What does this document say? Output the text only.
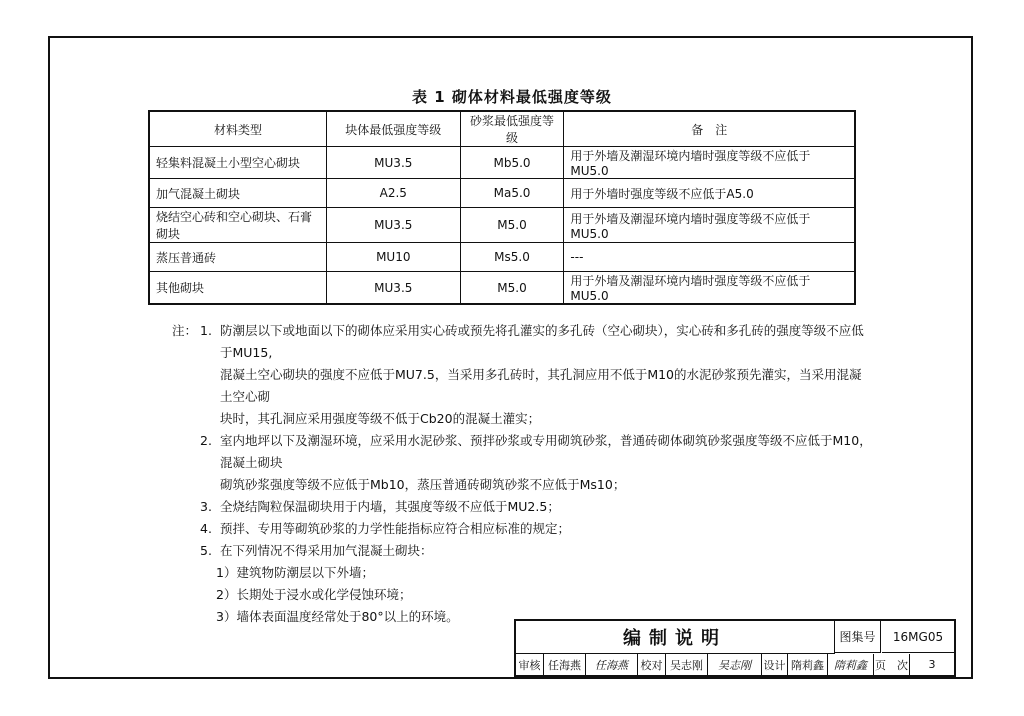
表 1 砌体材料最低强度等级
材料类型	块体最低强度等级	砂浆最低强度等级	备　注
轻集料混凝土小型空心砌块	MU3.5	Mb5.0	用于外墙及潮湿环境内墙时强度等级不应低于MU5.0
加气混凝土砌块	A2.5	Ma5.0	用于外墙时强度等级不应低于A5.0
烧结空心砖和空心砌块、石膏砌块	MU3.5	M5.0	用于外墙及潮湿环境内墙时强度等级不应低于MU5.0
蒸压普通砖	MU10	Ms5.0	---
其他砌块	MU3.5	M5.0	用于外墙及潮湿环境内墙时强度等级不应低于MU5.0
注： 1. 防潮层以下或地面以下的砌体应采用实心砖或预先将孔灌实的多孔砖（空心砌块），实心砖和多孔砖的强度等级不应低于MU15,
混凝土空心砌块的强度不应低于MU7.5，当采用多孔砖时，其孔洞应用不低于M10的水泥砂浆预先灌实，当采用混凝土空心砌
块时，其孔洞应采用强度等级不低于Cb20的混凝土灌实；
2. 室内地坪以下及潮湿环境，应采用水泥砂浆、预拌砂浆或专用砌筑砂浆，普通砖砌体砌筑砂浆强度等级不应低于M10，混凝土砌块
砌筑砂浆强度等级不应低于Mb10，蒸压普通砖砌筑砂浆不应低于Ms10；
3. 全烧结陶粒保温砌块用于内墙，其强度等级不应低于MU2.5；
4. 预拌、专用等砌筑砂浆的力学性能指标应符合相应标准的规定；
5. 在下列情况不得采用加气混凝土砌块：
1）建筑物防潮层以下外墙；
2）长期处于浸水或化学侵蚀环境；
3）墙体表面温度经常处于80°以上的环境。
编制说明	图集号	16MG05
审核 任海燕	任海燕	校对 吴志刚	吴志刚	设计 隋莉鑫 隋莉鑫 页　次	3
